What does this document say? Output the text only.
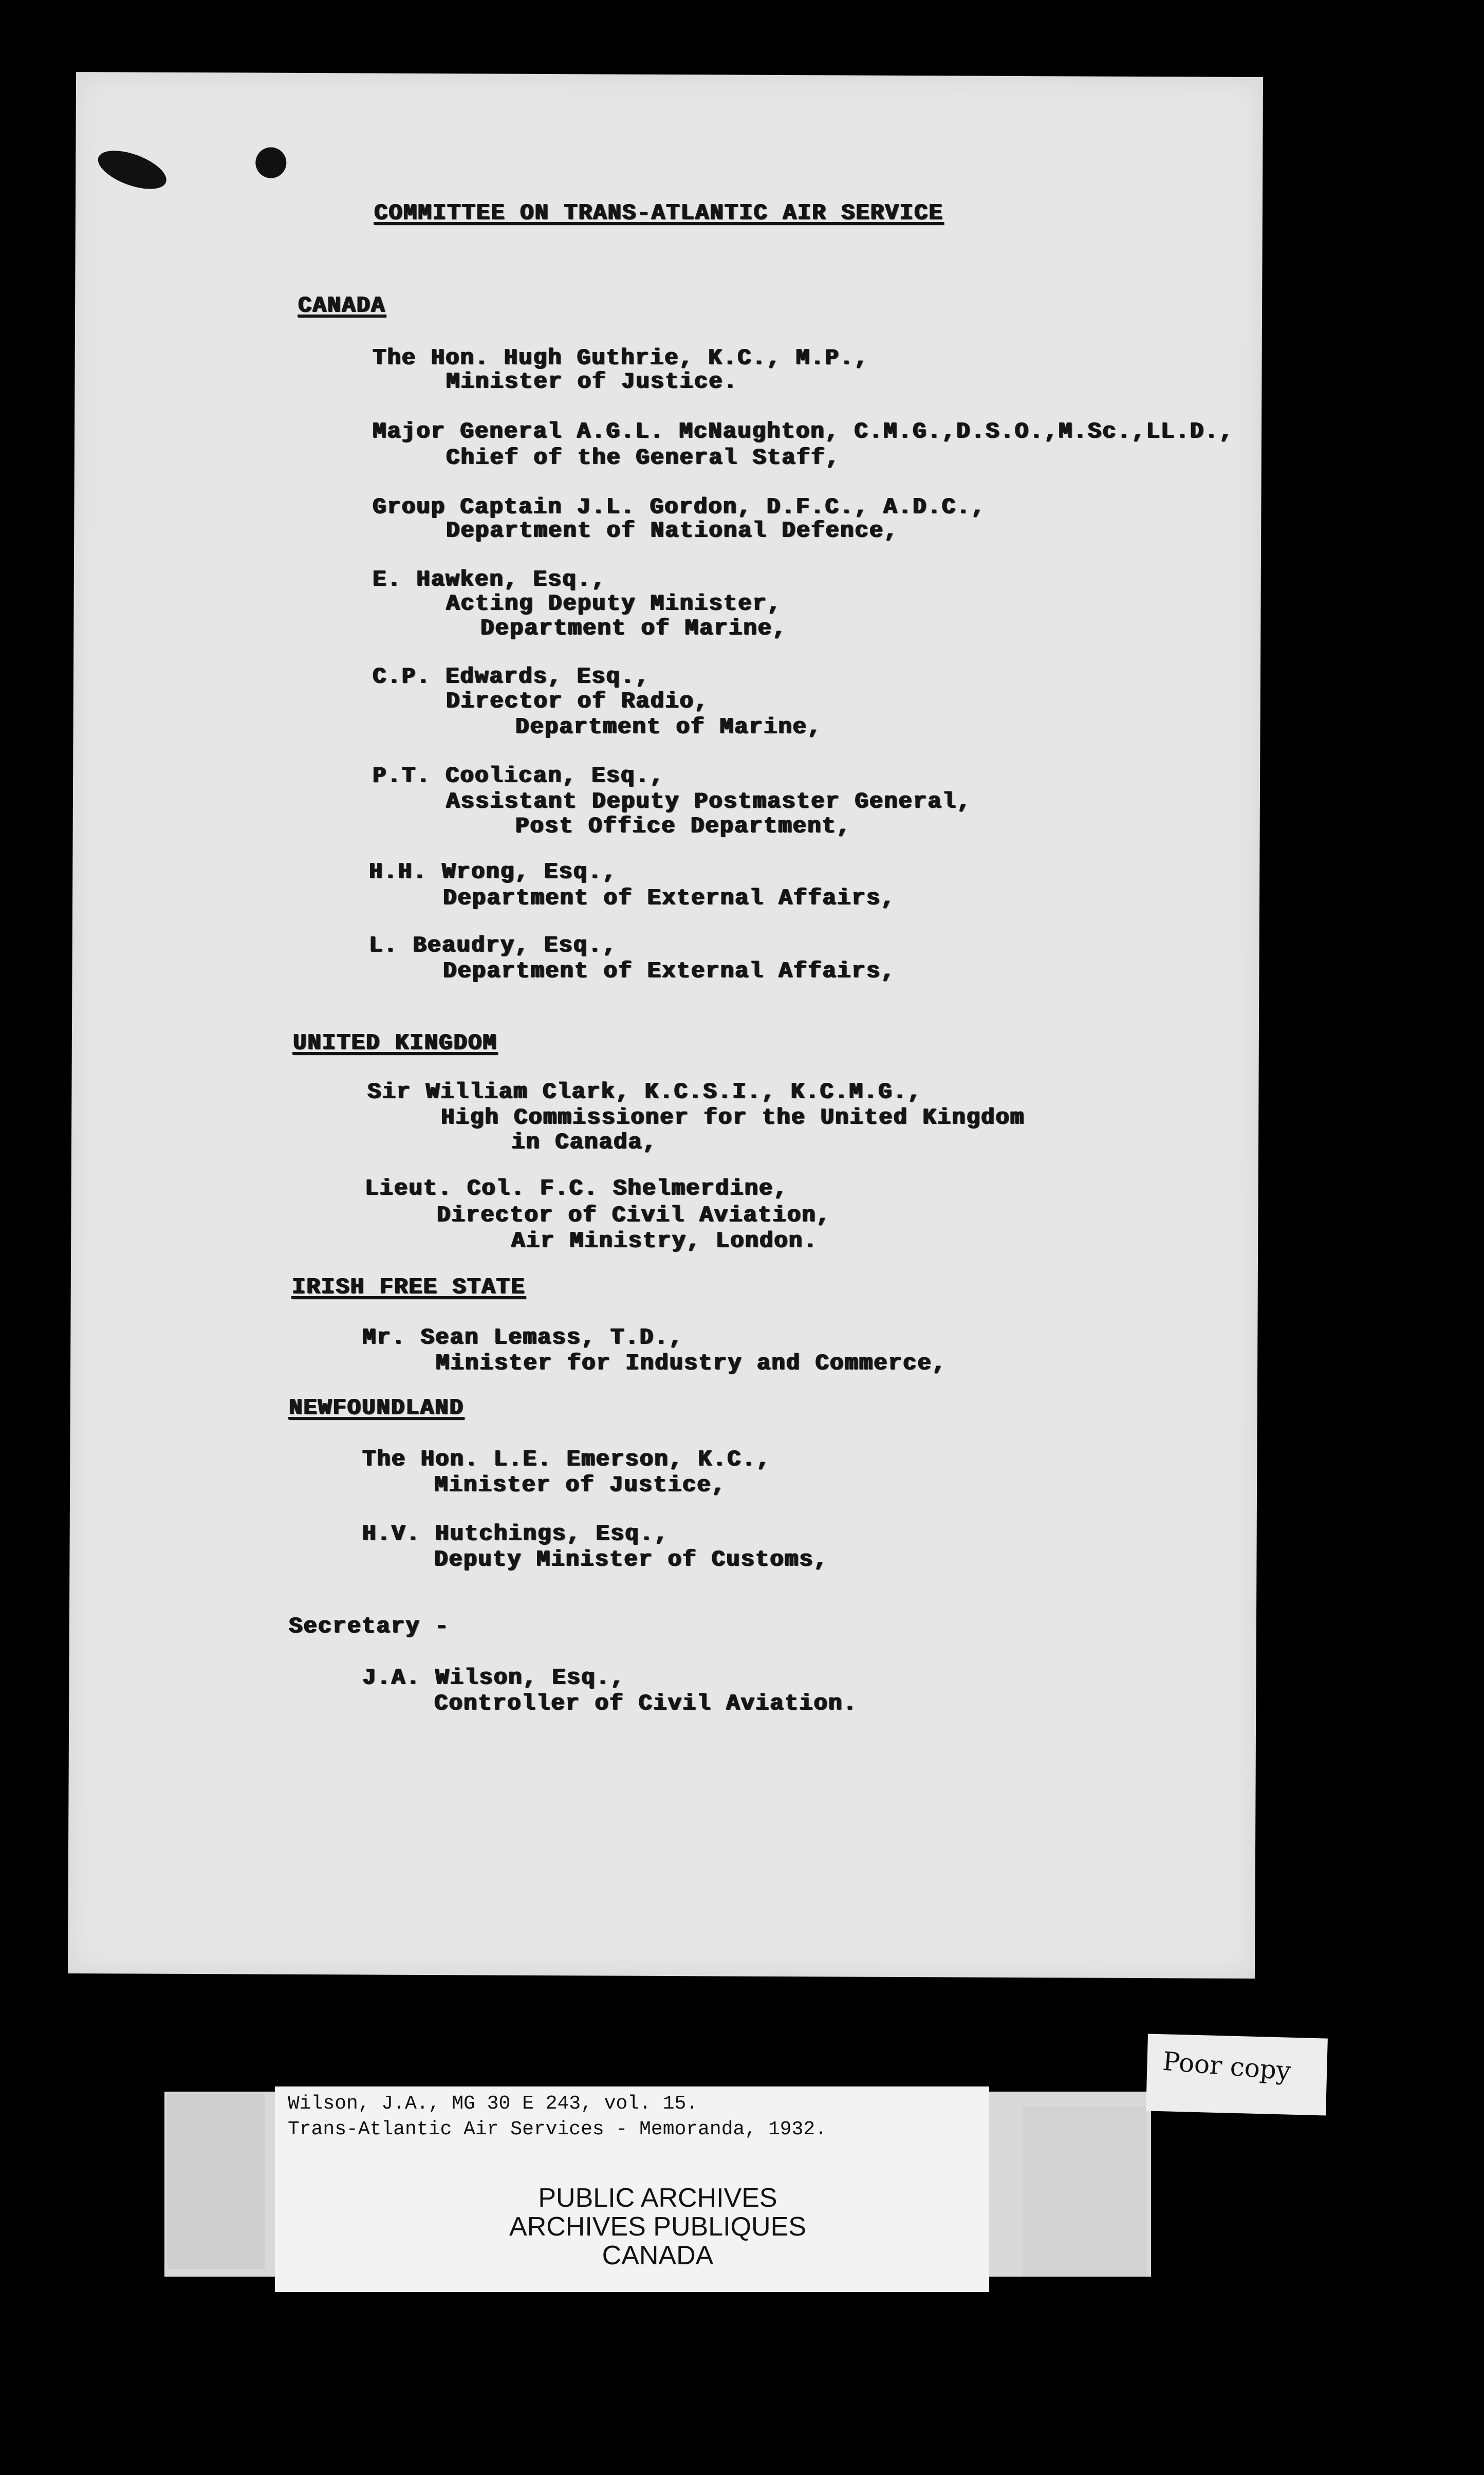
COMMITTEE ON TRANS-ATLANTIC AIR SERVICE
CANADA
The Hon. Hugh Guthrie, K.C., M.P.,
Minister of Justice.
Major General A.G.L. McNaughton, C.M.G.,D.S.O.,M.Sc.,LL.D.,
Chief of the General Staff,
Group Captain J.L. Gordon, D.F.C., A.D.C.,
Department of National Defence,
E. Hawken, Esq.,
Acting Deputy Minister,
Department of Marine,
C.P. Edwards, Esq.,
Director of Radio,
Department of Marine,
P.T. Coolican, Esq.,
Assistant Deputy Postmaster General,
Post Office Department,
H.H. Wrong, Esq.,
Department of External Affairs,
L. Beaudry, Esq.,
Department of External Affairs,
UNITED KINGDOM
Sir William Clark, K.C.S.I., K.C.M.G.,
High Commissioner for the United Kingdom
in Canada,
Lieut. Col. F.C. Shelmerdine,
Director of Civil Aviation,
Air Ministry, London.
IRISH FREE STATE
Mr. Sean Lemass, T.D.,
Minister for Industry and Commerce,
NEWFOUNDLAND
The Hon. L.E. Emerson, K.C.,
Minister of Justice,
H.V. Hutchings, Esq.,
Deputy Minister of Customs,
Secretary -
J.A. Wilson, Esq.,
Controller of Civil Aviation.
Wilson, J.A., MG 30 E 243, vol. 15.
Trans-Atlantic Air Services - Memoranda, 1932.
PUBLIC ARCHIVES
ARCHIVES PUBLIQUES
CANADA
Poor copy
